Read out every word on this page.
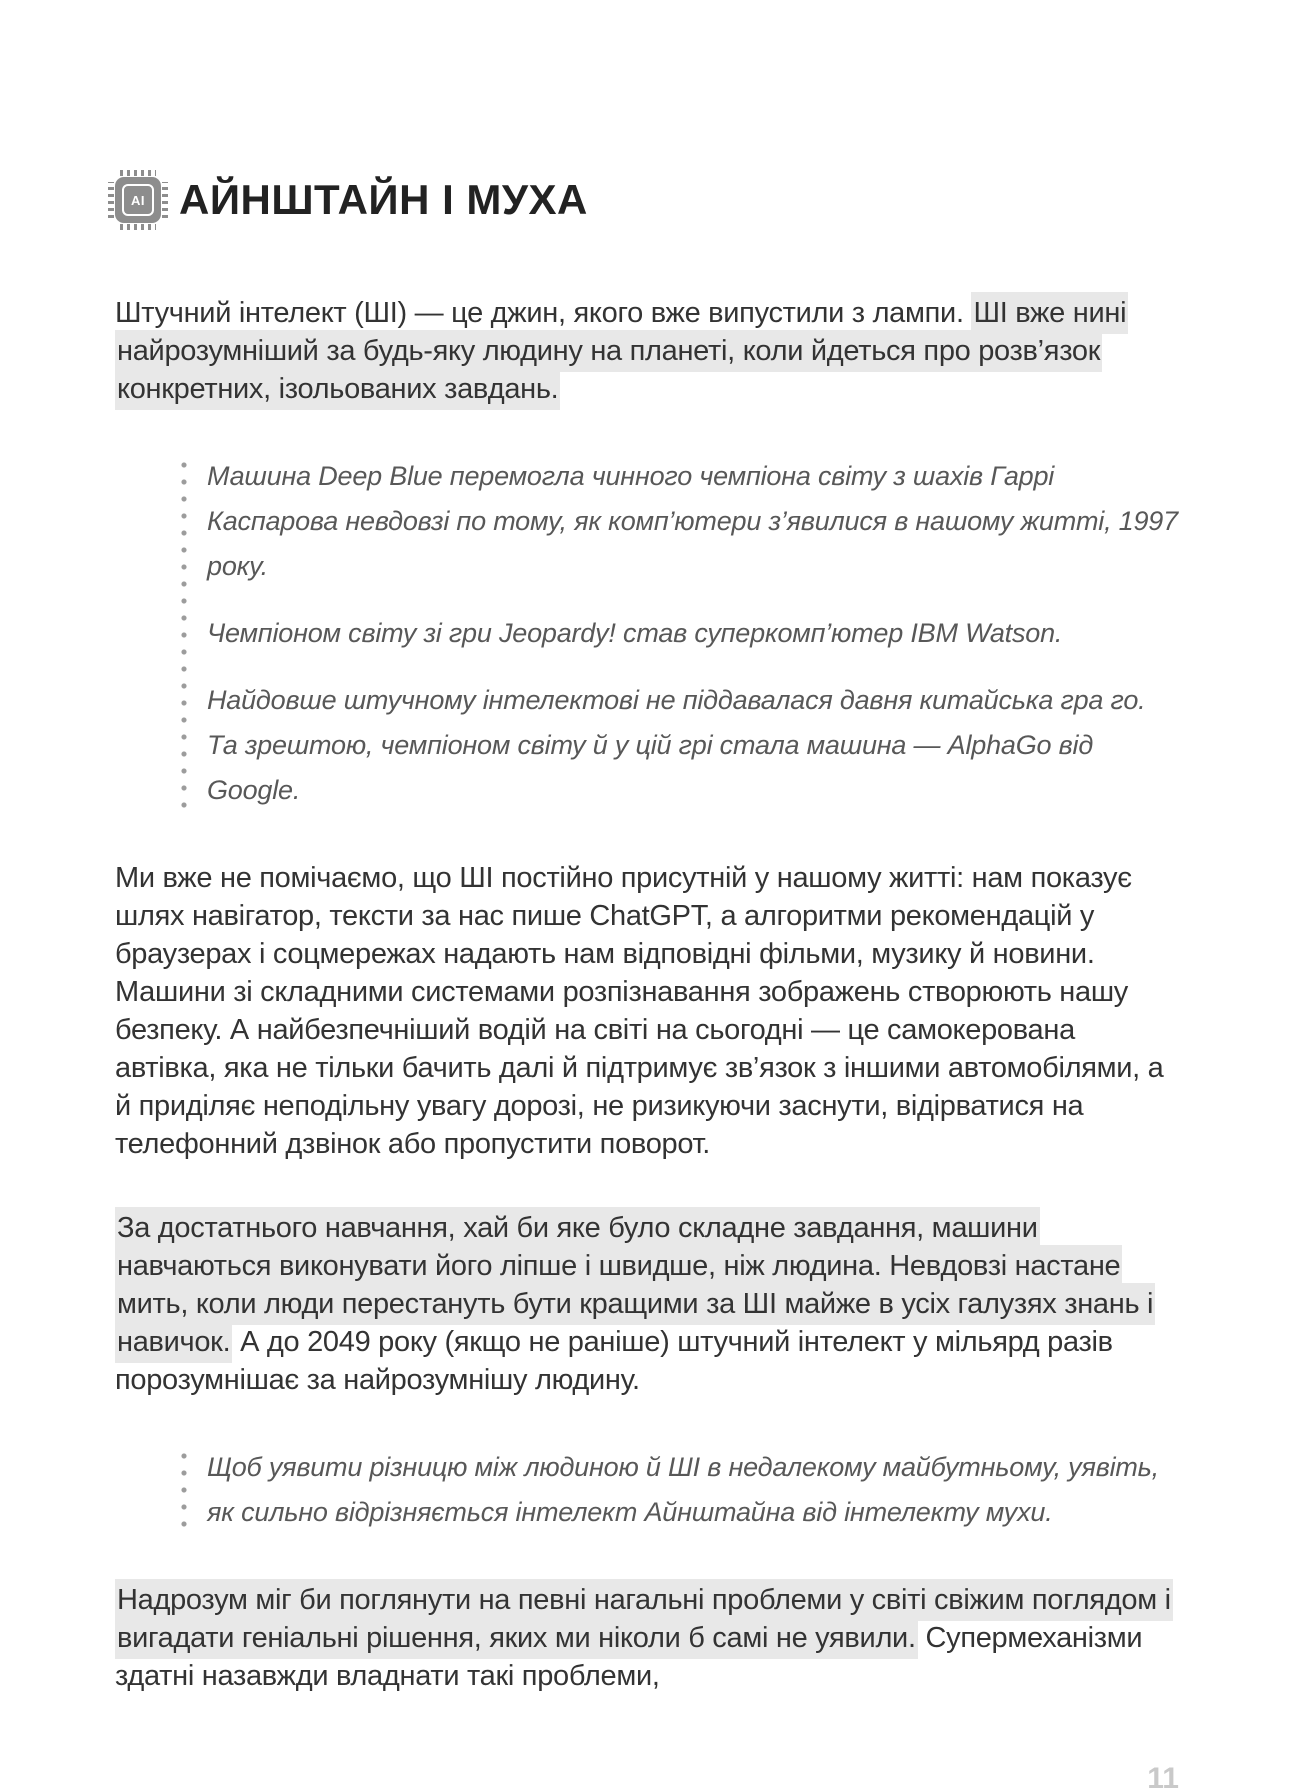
AI АЙНШТАЙН І МУХА

Штучний інтелект (ШІ) — це джин, якого вже випустили з лампи. ШІ вже нині найрозумніший за будь-яку людину на планеті, коли йдеться про розв’язок конкретних, ізольованих завдань.

Машина Deep Blue перемогла чинного чемпіона світу з шахів Гаррі Каспарова невдовзі по тому, як комп’ютери з’явилися в нашому житті, 1997 року.

Чемпіоном світу зі гри Jeopardy! став суперкомп’ютер IBM Watson.

Найдовше штучному інтелектові не піддавалася давня китайська гра го. Та зрештою, чемпіоном світу й у цій грі стала машина — AlphaGo від Google.

Ми вже не помічаємо, що ШІ постійно присутній у нашому житті: нам показує шлях навігатор, тексти за нас пише ChatGPT, а алгоритми рекомендацій у браузерах і соцмережах надають нам відповідні фільми, музику й новини. Машини зі складними системами розпізнавання зображень створюють нашу безпеку. А найбезпечніший водій на світі на сьогодні — це самокерована автівка, яка не тільки бачить далі й підтримує зв’язок з іншими автомобілями, а й приділяє неподільну увагу дорозі, не ризикуючи заснути, відірватися на телефонний дзвінок або пропустити поворот.

За достатнього навчання, хай би яке було складне завдання, машини навчаються виконувати його ліпше і швидше, ніж людина. Невдовзі настане мить, коли люди перестануть бути кращими за ШІ майже в усіх галузях знань і навичок. А до 2049 року (якщо не раніше) штучний інтелект у мільярд разів порозумнішає за найрозумнішу людину.

Щоб уявити різницю між людиною й ШІ в недалекому майбутньому, уявіть, як сильно відрізняється інтелект Айнштайна від інтелекту мухи.

Надрозум міг би поглянути на певні нагальні проблеми у світі свіжим поглядом і вигадати геніальні рішення, яких ми ніколи б самі не уявили. Супермеханізми здатні назавжди владнати такі проблеми,

11
